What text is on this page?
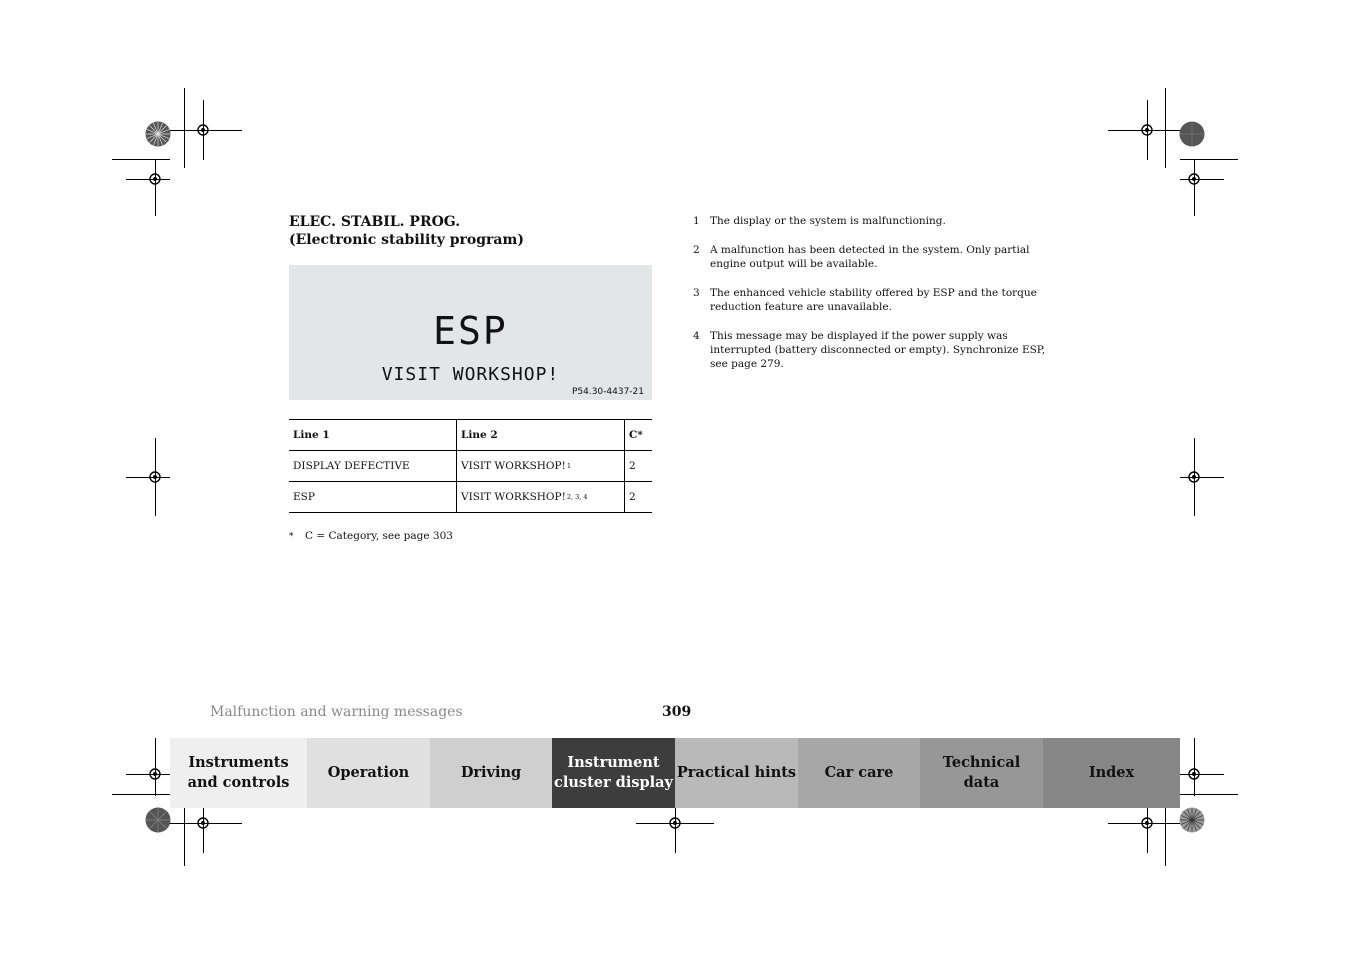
ELEC. STABIL. PROG.
(Electronic stability program)
ESP
VISIT WORKSHOP!
P54.30-4437-21
Line 1	Line 2	C*
DISPLAY DEFECTIVE	VISIT WORKSHOP! 1	2
ESP	VISIT WORKSHOP! 2, 3, 4	2
* C = Category, see page 303
1 The display or the system is malfunctioning.
2 A malfunction has been detected in the system. Only partial engine output will be available.
3 The enhanced vehicle stability offered by ESP and the torque reduction feature are unavailable.
4 This message may be displayed if the power supply was interrupted (battery disconnected or empty). Synchronize ESP, see page 279.
Malfunction and warning messages	309
Instruments
and controls
Operation	Driving
Instrument
cluster display
Practical hints Car care
Technical
data
Index
